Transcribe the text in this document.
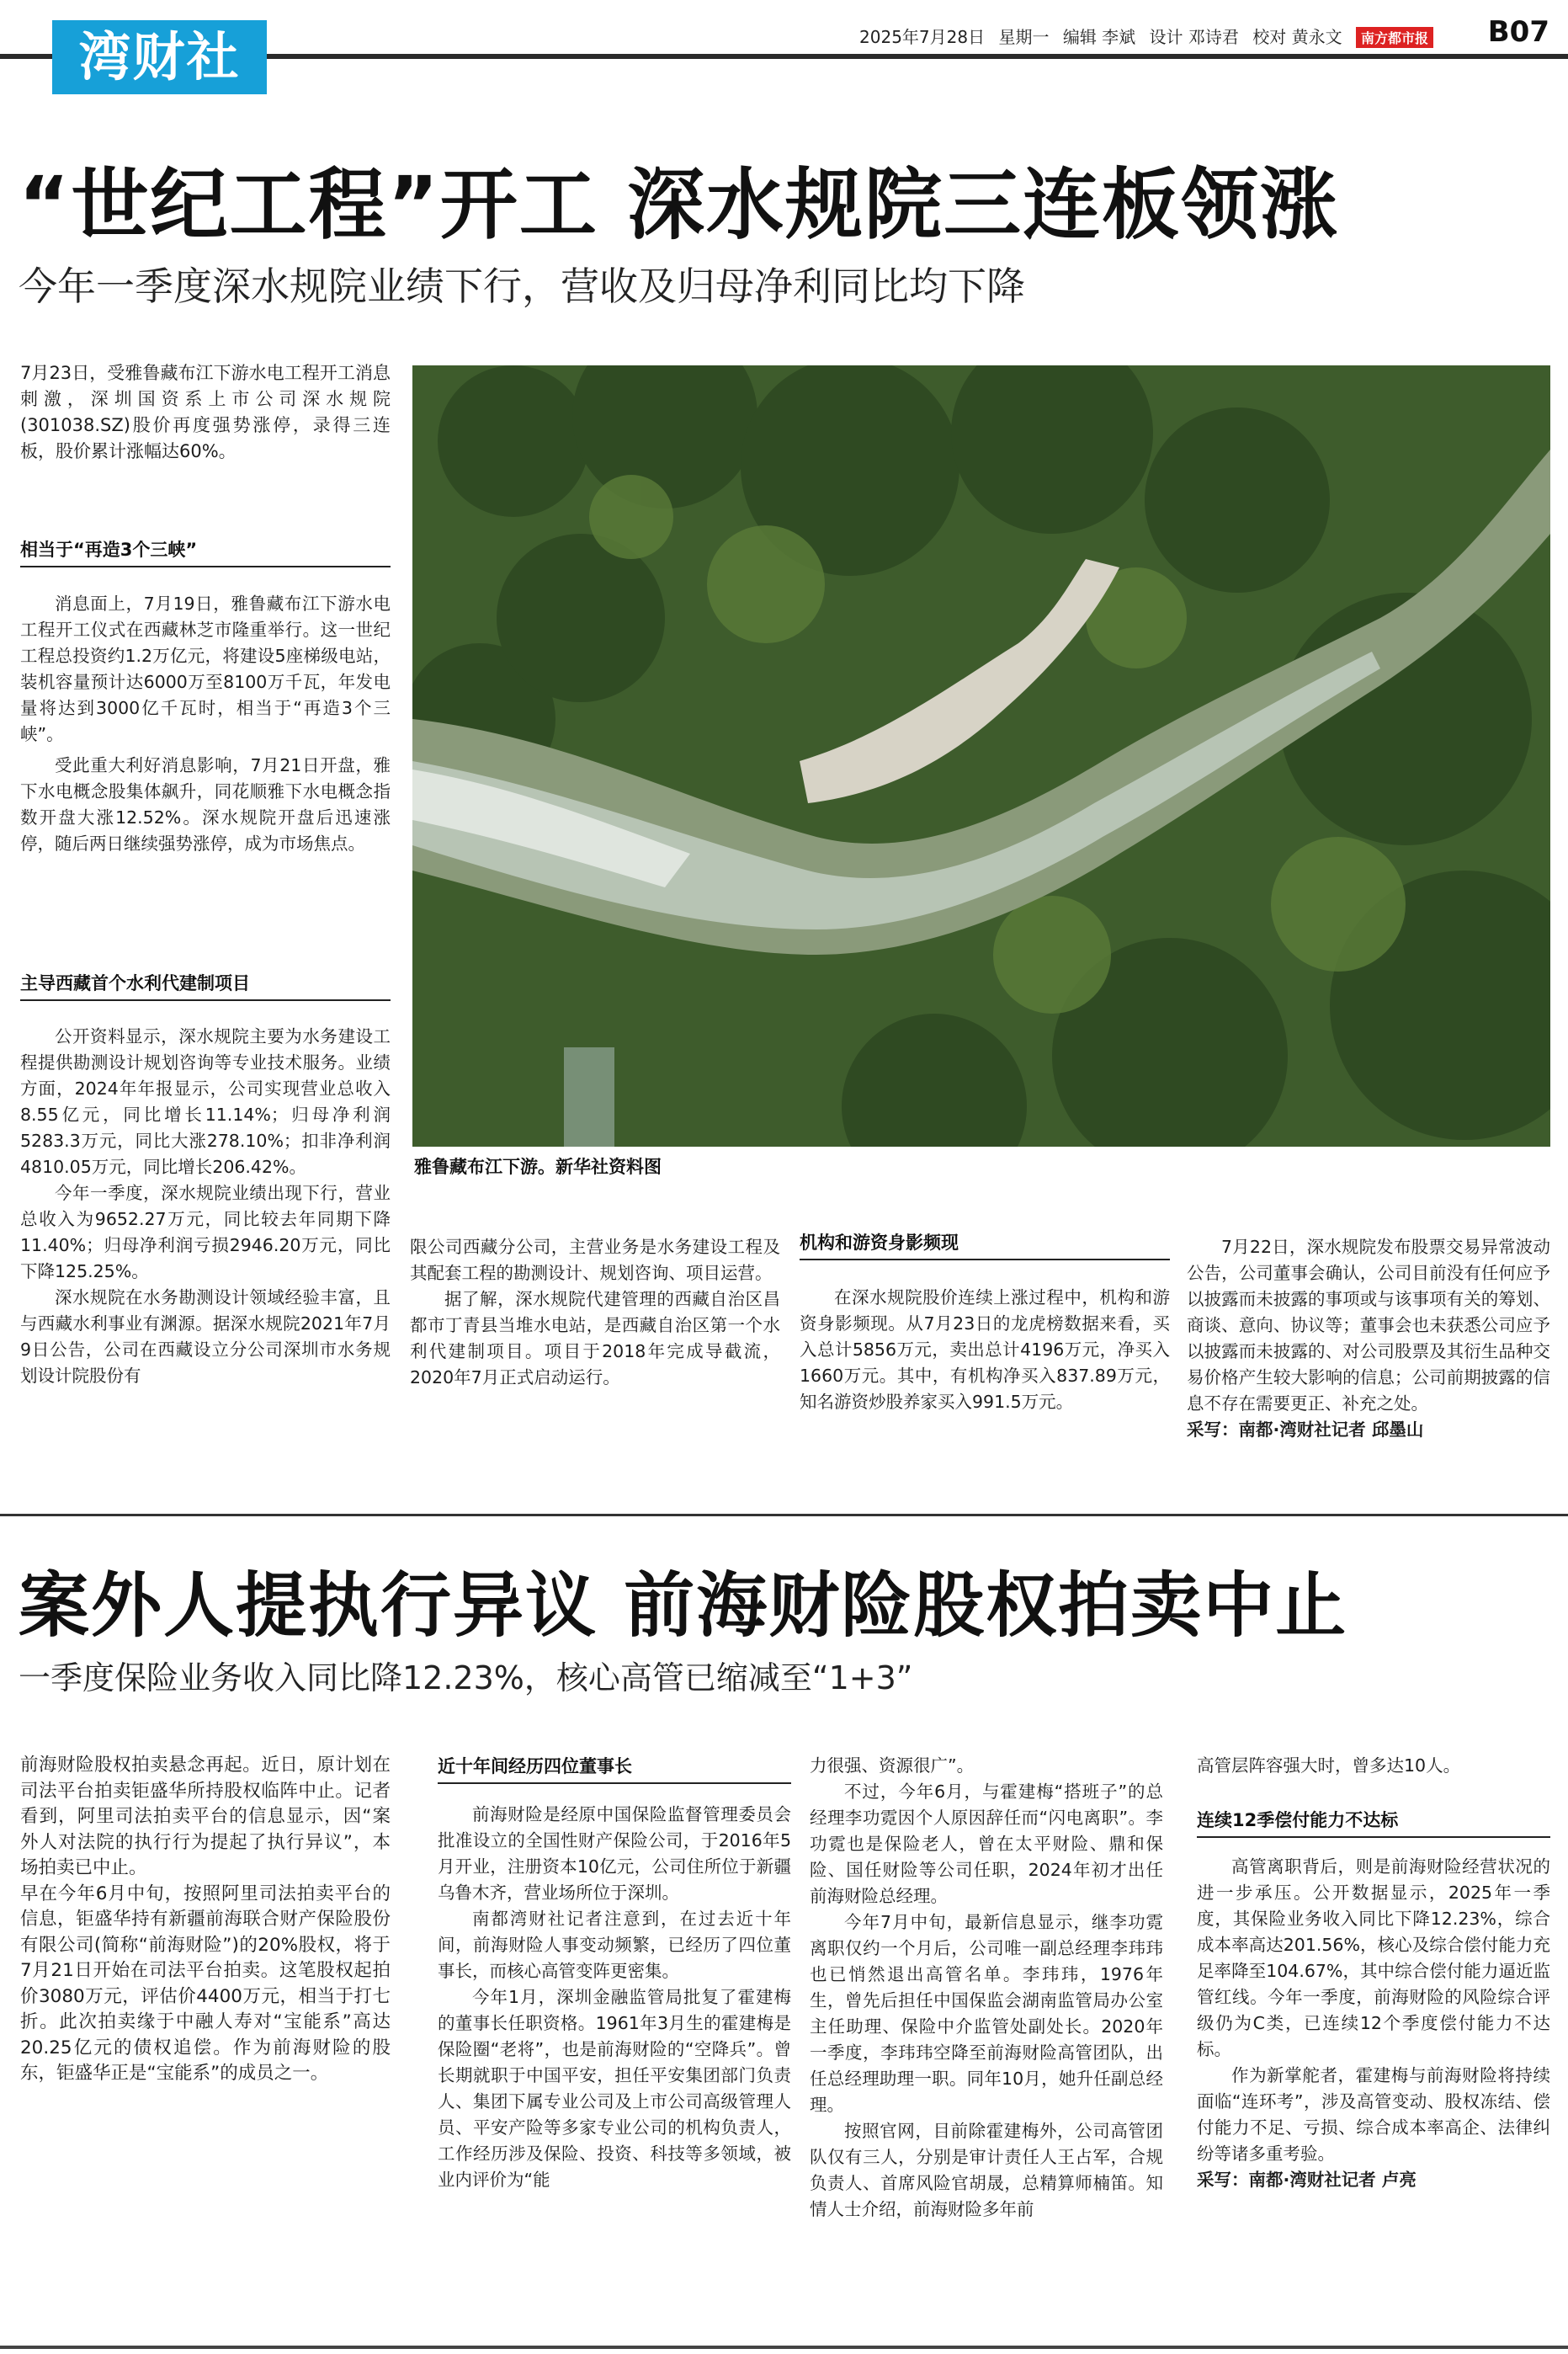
湾财社	2025年7月28日 星期一 编辑 李斌 设计 邓诗君 校对 黄永文 南方都市报 B07
“世纪工程”开工 深水规院三连板领涨
今年一季度深水规院业绩下行，营收及归母净利同比均下降

7月23日，受雅鲁藏布江下游水电工程开工消息刺激，深圳国资系上市公司深水规院(301038.SZ)股价再度强势涨停，录得三连板，股价累计涨幅达60%。

相当于“再造3个三峡”

消息面上，7月19日，雅鲁藏布江下游水电工程开工仪式在西藏林芝市隆重举行。这一世纪工程总投资约1.2万亿元，将建设5座梯级电站，装机容量预计达6000万至8100万千瓦，年发电量将达到3000亿千瓦时，相当于“再造3个三峡”。

受此重大利好消息影响，7月21日开盘，雅下水电概念股集体飙升，同花顺雅下水电概念指数开盘大涨12.52%。深水规院开盘后迅速涨停，随后两日继续强势涨停，成为市场焦点。

主导西藏首个水利代建制项目

公开资料显示，深水规院主要为水务建设工程提供勘测设计规划咨询等专业技术服务。业绩方面，2024年年报显示，公司实现营业总收入8.55亿元，同比增长11.14%；归母净利润5283.3万元，同比大涨278.10%；扣非净利润4810.05万元，同比增长206.42%。

今年一季度，深水规院业绩出现下行，营业总收入为9652.27万元，同比较去年同期下降11.40%；归母净利润亏损2946.20万元，同比下降125.25%。

深水规院在水务勘测设计领域经验丰富，且与西藏水利事业有渊源。据深水规院2021年7月9日公告，公司在西藏设立分公司深圳市水务规划设计院股份有

雅鲁藏布江下游。新华社资料图

限公司西藏分公司，主营业务是水务建设工程及其配套工程的勘测设计、规划咨询、项目运营。

据了解，深水规院代建管理的西藏自治区昌都市丁青县当堆水电站，是西藏自治区第一个水利代建制项目。项目于2018年完成导截流，2020年7月正式启动运行。

机构和游资身影频现

在深水规院股价连续上涨过程中，机构和游资身影频现。从7月23日的龙虎榜数据来看，买入总计5856万元，卖出总计4196万元，净买入1660万元。其中，有机构净买入837.89万元，知名游资炒股养家买入991.5万元。

7月22日，深水规院发布股票交易异常波动公告，公司董事会确认，公司目前没有任何应予以披露而未披露的事项或与该事项有关的筹划、商谈、意向、协议等；董事会也未获悉公司应予以披露而未披露的、对公司股票及其衍生品种交易价格产生较大影响的信息；公司前期披露的信息不存在需要更正、补充之处。

采写：南都·湾财社记者 邱墨山

案外人提执行异议 前海财险股权拍卖中止
一季度保险业务收入同比降12.23%，核心高管已缩减至“1+3”

前海财险股权拍卖悬念再起。近日，原计划在司法平台拍卖钜盛华所持股权临阵中止。记者看到，阿里司法拍卖平台的信息显示，因“案外人对法院的执行行为提起了执行异议”，本场拍卖已中止。

早在今年6月中旬，按照阿里司法拍卖平台的信息，钜盛华持有新疆前海联合财产保险股份有限公司(简称“前海财险”)的20%股权，将于7月21日开始在司法平台拍卖。这笔股权起拍价3080万元，评估价4400万元，相当于打七折。此次拍卖缘于中融人寿对“宝能系”高达20.25亿元的债权追偿。作为前海财险的股东，钜盛华正是“宝能系”的成员之一。

近十年间经历四位董事长

前海财险是经原中国保险监督管理委员会批准设立的全国性财产保险公司，于2016年5月开业，注册资本10亿元，公司住所位于新疆乌鲁木齐，营业场所位于深圳。

南都湾财社记者注意到，在过去近十年间，前海财险人事变动频繁，已经历了四位董事长，而核心高管变阵更密集。

今年1月，深圳金融监管局批复了霍建梅的董事长任职资格。1961年3月生的霍建梅是保险圈“老将”，也是前海财险的“空降兵”。曾长期就职于中国平安，担任平安集团部门负责人、集团下属专业公司及上市公司高级管理人员、平安产险等多家专业公司的机构负责人，工作经历涉及保险、投资、科技等多领域，被业内评价为“能

力很强、资源很广”。

不过，今年6月，与霍建梅“搭班子”的总经理李功霓因个人原因辞任而“闪电离职”。李功霓也是保险老人，曾在太平财险、鼎和保险、国任财险等公司任职，2024年初才出任前海财险总经理。

今年7月中旬，最新信息显示，继李功霓离职仅约一个月后，公司唯一副总经理李玮玮也已悄然退出高管名单。李玮玮，1976年生，曾先后担任中国保监会湖南监管局办公室主任助理、保险中介监管处副处长。2020年一季度，李玮玮空降至前海财险高管团队，出任总经理助理一职。同年10月，她升任副总经理。

按照官网，目前除霍建梅外，公司高管团队仅有三人，分别是审计责任人王占军，合规负责人、首席风险官胡晟，总精算师楠笛。知情人士介绍，前海财险多年前

高管层阵容强大时，曾多达10人。

连续12季偿付能力不达标

高管离职背后，则是前海财险经营状况的进一步承压。公开数据显示，2025年一季度，其保险业务收入同比下降12.23%，综合成本率高达201.56%，核心及综合偿付能力充足率降至104.67%，其中综合偿付能力逼近监管红线。今年一季度，前海财险的风险综合评级仍为C类，已连续12个季度偿付能力不达标。

作为新掌舵者，霍建梅与前海财险将持续面临“连环考”，涉及高管变动、股权冻结、偿付能力不足、亏损、综合成本率高企、法律纠纷等诸多重考验。

采写：南都·湾财社记者 卢亮
